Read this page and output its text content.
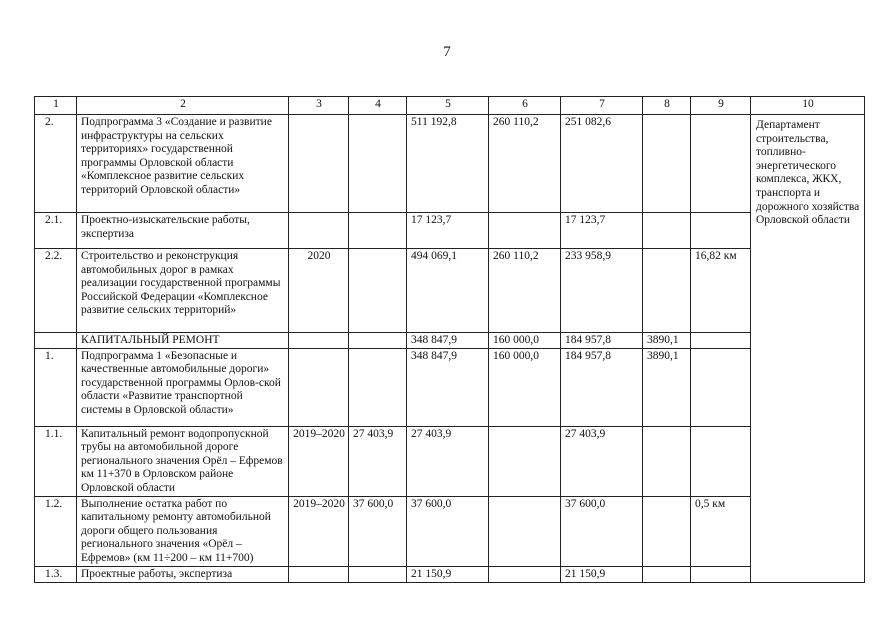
7
1	2	3	4	5	6	7	8	9	10
2.	Подпрограмма 3 «Создание и развитие инфраструктуры на сельских территориях» государственной программы Орловской области «Комплексное развитие сельских территорий Орловской области»			511 192,8	260 110,2	251 082,6			Департамент строительства, топливно-энергетического комплекса, ЖКХ, транспорта и дорожного хозяйства Орловской области
2.1.	Проектно-изыскательские работы, экспертиза			17 123,7		17 123,7			
2.2.	Строительство и реконструкция автомобильных дорог в рамках реализации государственной программы Российской Федерации «Комплексное развитие сельских территорий»	2020		494 069,1	260 110,2	233 958,9		16,82 км	
	КАПИТАЛЬНЫЙ РЕМОНТ			348 847,9	160 000,0	184 957,8	3890,1		
1.	Подпрограмма 1 «Безопасные и качественные автомобильные дороги» государственной программы Орлов-ской области «Развитие транспортной системы в Орловской области»			348 847,9	160 000,0	184 957,8	3890,1		
1.1.	Капитальный ремонт водопропускной трубы на автомобильной дороге регионального значения Орёл – Ефремов км 11+370 в Орловском районе Орловской области	2019–2020	27 403,9	27 403,9		27 403,9			
1.2.	Выполнение остатка работ по капитальному ремонту автомобильной дороги общего пользования регионального значения «Орёл – Ефремов» (км 11÷200 – км 11+700)	2019–2020	37 600,0	37 600,0		37 600,0		0,5 км	
1.3.	Проектные работы, экспертиза			21 150,9		21 150,9			
